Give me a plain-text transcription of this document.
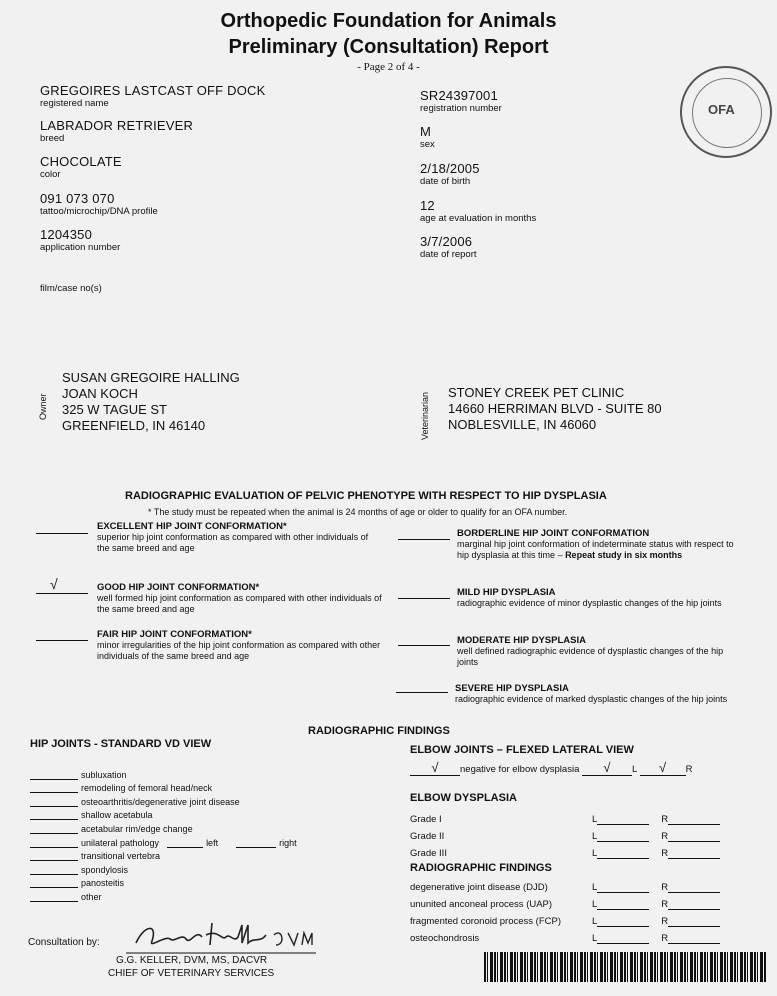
Orthopedic Foundation for Animals
Preliminary (Consultation) Report
- Page 2 of 4 -
OFA
GREGOIRES LASTCAST OFF DOCK
registered name
LABRADOR RETRIEVER
breed
CHOCOLATE
color
091 073 070
tattoo/microchip/DNA profile
1204350
application number
film/case no(s)
SR24397001
registration number
M
sex
2/18/2005
date of birth
12
age at evaluation in months
3/7/2006
date of report
Owner
SUSAN GREGOIRE HALLING
JOAN KOCH
325 W TAGUE ST
GREENFIELD, IN 46140	Veterinarian STONEY CREEK PET CLINIC
14660 HERRIMAN BLVD - SUITE 80
NOBLESVILLE, IN 46060
RADIOGRAPHIC EVALUATION OF PELVIC PHENOTYPE WITH RESPECT TO HIP DYSPLASIA
* The study must be repeated when the animal is 24 months of age or older to qualify for an OFA number.
EXCELLENT HIP JOINT CONFORMATION*
superior hip joint conformation as compared with other individuals of the same breed and age
√	GOOD HIP JOINT CONFORMATION*
well formed hip joint conformation as compared with other individuals of the same breed and age
FAIR HIP JOINT CONFORMATION*
minor irregularities of the hip joint conformation as compared with other individuals of the same breed and age
BORDERLINE HIP JOINT CONFORMATION
marginal hip joint conformation of indeterminate status with respect to hip dysplasia at this time – Repeat study in six months
MILD HIP DYSPLASIA
radiographic evidence of minor dysplastic changes of the hip joints
MODERATE HIP DYSPLASIA
well defined radiographic evidence of dysplastic changes of the hip joints
SEVERE HIP DYSPLASIA
radiographic evidence of marked dysplastic changes of the hip joints
RADIOGRAPHIC FINDINGS
HIP JOINTS - STANDARD VD VIEW
subluxation
remodeling of femoral head/neck
osteoarthritis/degenerative joint disease
shallow acetabula
acetabular rim/edge change
unilateral pathology	left	right
transitional vertebra
spondylosis
panosteitis
other
ELBOW JOINTS – FLEXED LATERAL VIEW
√ negative for elbow dysplasia √ L √ R
ELBOW DYSPLASIA
Grade I	L	R
Grade II	L	R
Grade III	L	R
RADIOGRAPHIC FINDINGS
degenerative joint disease (DJD)	L	R
ununited anconeal process (UAP)	L	R
fragmented coronoid process (FCP)	L	R
osteochondrosis	L	R
Consultation by:
G.G. KELLER, DVM, MS, DACVR
CHIEF OF VETERINARY SERVICES
